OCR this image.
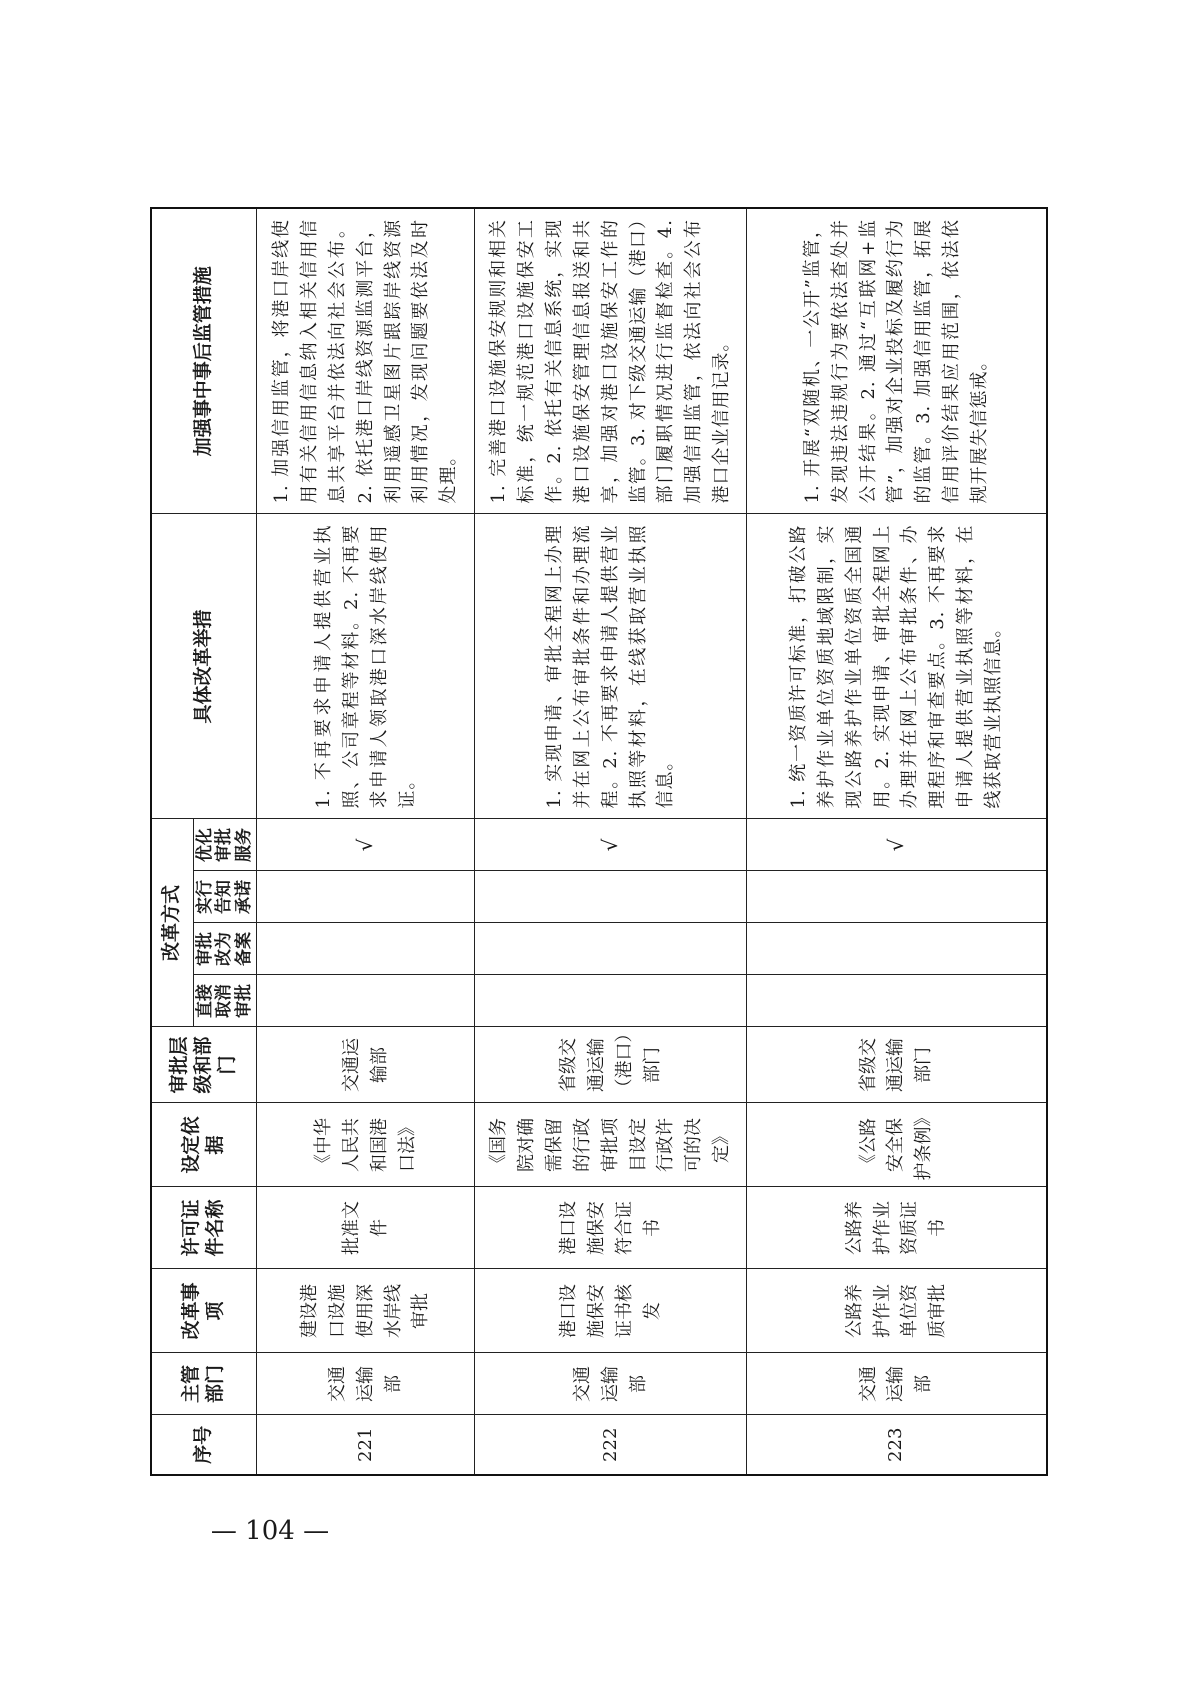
序号	主管部门	改革事项	许可证件名称	设定依据	审批层级和部门	改革方式				具体改革举措	加强事中事后监管措施
						直接取消审批	审批改为备案	实行告知承诺	优化审批服务		
221	交通运输部	建设港口设施使用深水岸线审批	批准文件	《中华人民共和国港口法》	交通运输部				√	1. 不再要求申请人提供营业执照、公司章程等材料。2. 不再要求申请人领取港口深水岸线使用证。	1. 加强信用监管，将港口岸线使用有关信用信息纳入相关信用信息共享平台并依法向社会公布。2. 依托港口岸线资源监测平台，利用遥感卫星图片跟踪岸线资源利用情况，发现问题要依法及时处理。
222	交通运输部	港口设施保安证书核发	港口设施保安符合证书	《国务院对确需保留的行政审批项目设定行政许可的决定》	省级交通运输（港口）部门				√	1. 实现申请、审批全程网上办理并在网上公布审批条件和办理流程。2. 不再要求申请人提供营业执照等材料，在线获取营业执照信息。	1. 完善港口设施保安规则和相关标准，统一规范港口设施保安工作。2. 依托有关信息系统，实现港口设施保安管理信息报送和共享，加强对港口设施保安工作的监管。3. 对下级交通运输（港口）部门履职情况进行监督检查。4. 加强信用监管，依法向社会公布港口企业信用记录。
223	交通运输部	公路养护作业单位资质审批	公路养护作业资质证书	《公路安全保护条例》	省级交通运输部门				√	1. 统一资质许可标准，打破公路养护作业单位资质地域限制，实现公路养护作业单位资质全国通用。2. 实现申请、审批全程网上办理并在网上公布审批条件、办理程序和审查要点。3. 不再要求申请人提供营业执照等材料，在线获取营业执照信息。	1. 开展“双随机、一公开”监管，发现违法违规行为要依法查处并公开结果。2. 通过“互联网+监管”，加强对企业投标及履约行为的监管。3. 加强信用监管，拓展信用评价结果应用范围，依法依规开展失信惩戒。
— 104 —
